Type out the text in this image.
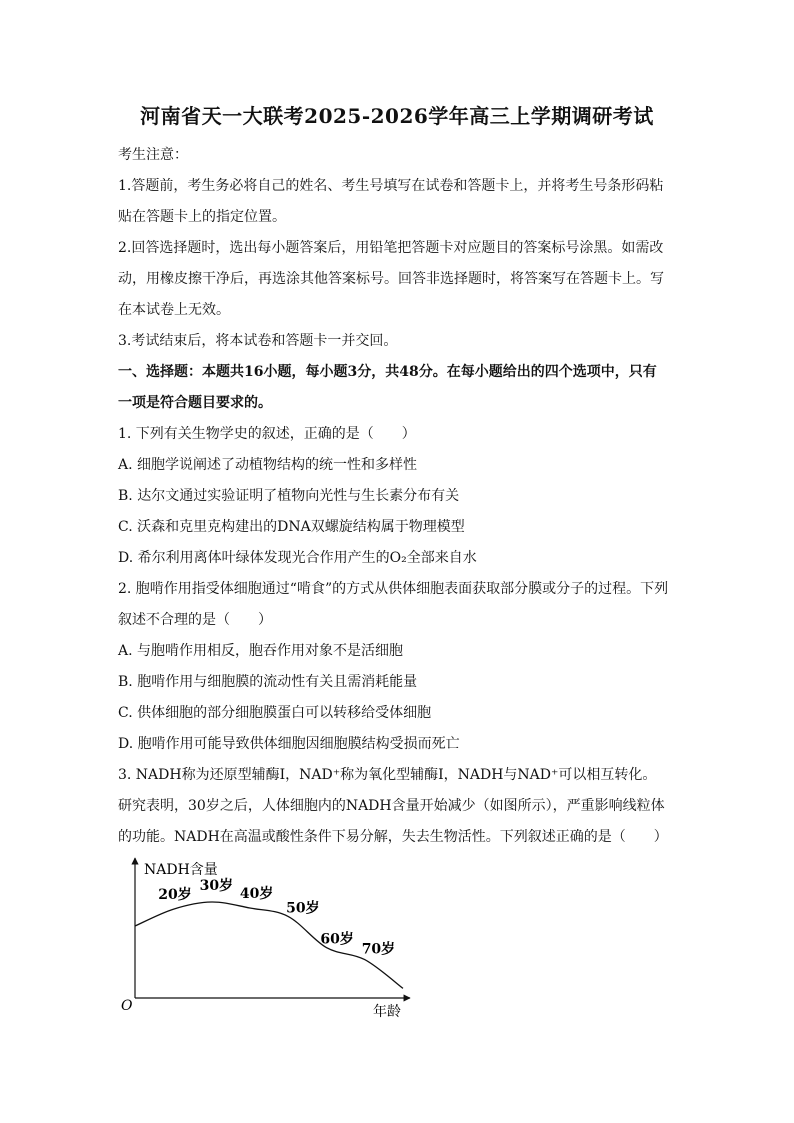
河南省天一大联考2025-2026学年高三上学期调研考试

考生注意：

1.答题前，考生务必将自己的姓名、考生号填写在试卷和答题卡上，并将考生号条形码粘贴在答题卡上的指定位置。

2.回答选择题时，选出每小题答案后，用铅笔把答题卡对应题目的答案标号涂黑。如需改动，用橡皮擦干净后，再选涂其他答案标号。回答非选择题时，将答案写在答题卡上。写在本试卷上无效。

3.考试结束后，将本试卷和答题卡一并交回。

一、选择题：本题共16小题，每小题3分，共48分。在每小题给出的四个选项中，只有一项是符合题目要求的。

1. 下列有关生物学史的叙述，正确的是（　　）

A. 细胞学说阐述了动植物结构的统一性和多样性

B. 达尔文通过实验证明了植物向光性与生长素分布有关

C. 沃森和克里克构建出的DNA双螺旋结构属于物理模型

D. 希尔利用离体叶绿体发现光合作用产生的O₂全部来自水

2. 胞啃作用指受体细胞通过“啃食”的方式从供体细胞表面获取部分膜或分子的过程。下列叙述不合理的是（　　）

A. 与胞啃作用相反，胞吞作用对象不是活细胞

B. 胞啃作用与细胞膜的流动性有关且需消耗能量

C. 供体细胞的部分细胞膜蛋白可以转移给受体细胞

D. 胞啃作用可能导致供体细胞因细胞膜结构受损而死亡

3. NADH称为还原型辅酶Ⅰ，NAD⁺称为氧化型辅酶Ⅰ，NADH与NAD⁺可以相互转化。研究表明，30岁之后，人体细胞内的NADH含量开始减少（如图所示），严重影响线粒体的功能。NADH在高温或酸性条件下易分解，失去生物活性。下列叙述正确的是（　　）

NADH含量
年龄
O
20岁
30岁 40岁
50岁
60岁
70岁
